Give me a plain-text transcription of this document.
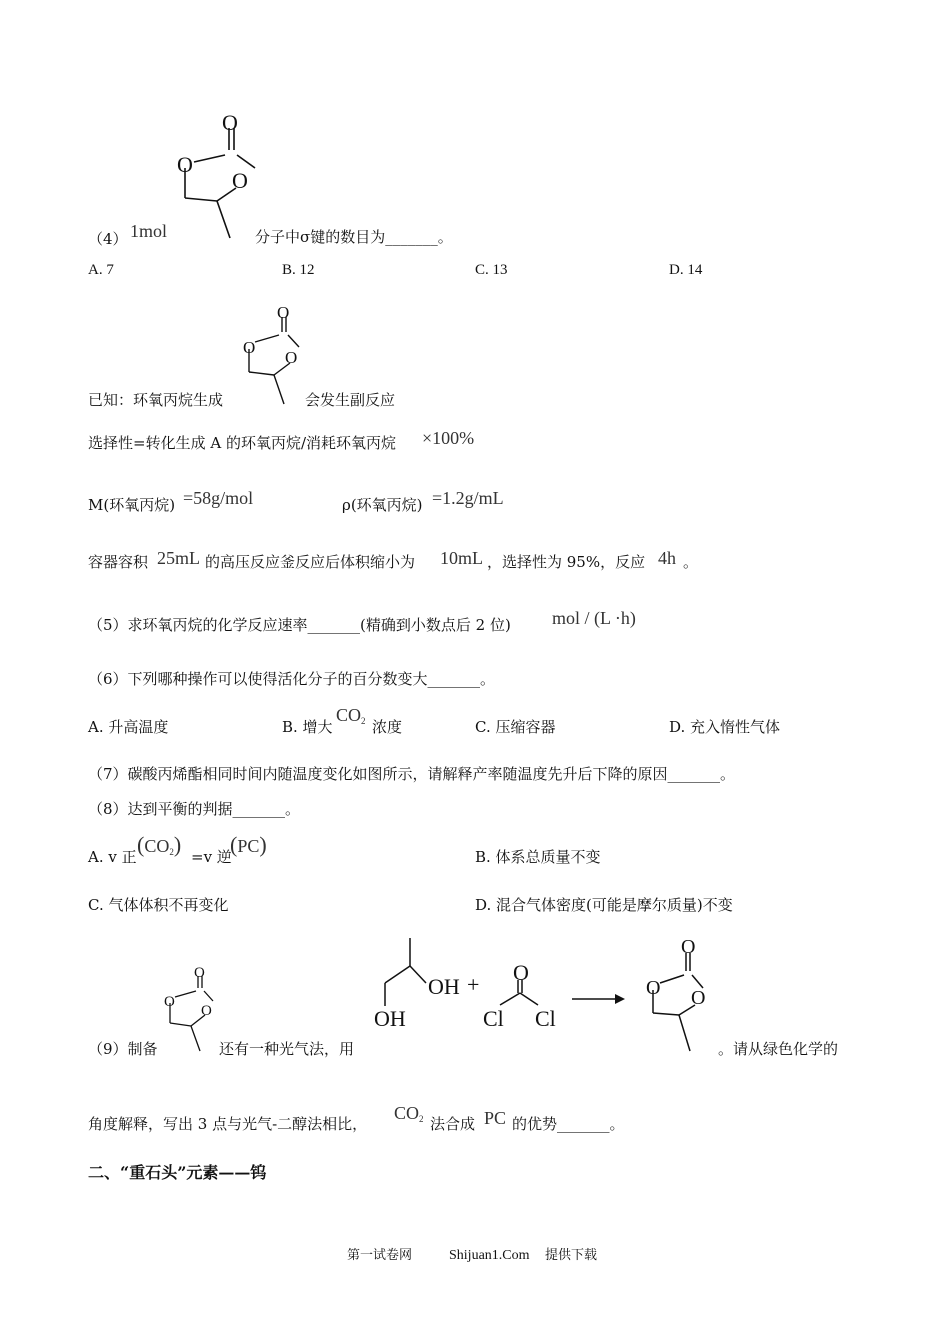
（4） 1mol
O
O
O
分子中σ键的数目为_______。
A. 7	B. 12	C. 13	D. 14
已知：环氧丙烷生成
O
O
O
会发生副反应
选择性=转化生成 A 的环氧丙烷/消耗环氧丙烷 ×100%
M(环氧丙烷) =58g/mol	ρ(环氧丙烷) =1.2g/mL
容器容积 25mL 的高压反应釜反应后体积缩小为 10mL ，选择性为 95%，反应 4h 。
（5）求环氧丙烷的化学反应速率_______(精确到小数点后 2 位) mol / (L ·h)
（6）下列哪种操作可以使得活化分子的百分数变大_______。
A. 升高温度	B. 增大
$CO_2$ 浓度	C. 压缩容器	D. 充入惰性气体
（7）碳酸丙烯酯相同时间内随温度变化如图所示，请解释产率随温度先升后下降的原因_______。
（8）达到平衡的判据_______。
A. v 正 $(CO_2) =v$ 逆
(PC)	B. 体系总质量不变
C. 气体体积不再变化	D. 混合气体密度(可能是摩尔质量)不变
（9）制备
O
O
O
还有一种光气法，用
OH
OH
+ O
Cl Cl
O
O O
。请从绿色化学的
角度解释，写出 3 点与光气-二醇法相比，
$CO_2$ 法合成 PC 的优势_______。
二、“重石头”元素——钨
第一试卷网	Shijuan1.Com 提供下载
